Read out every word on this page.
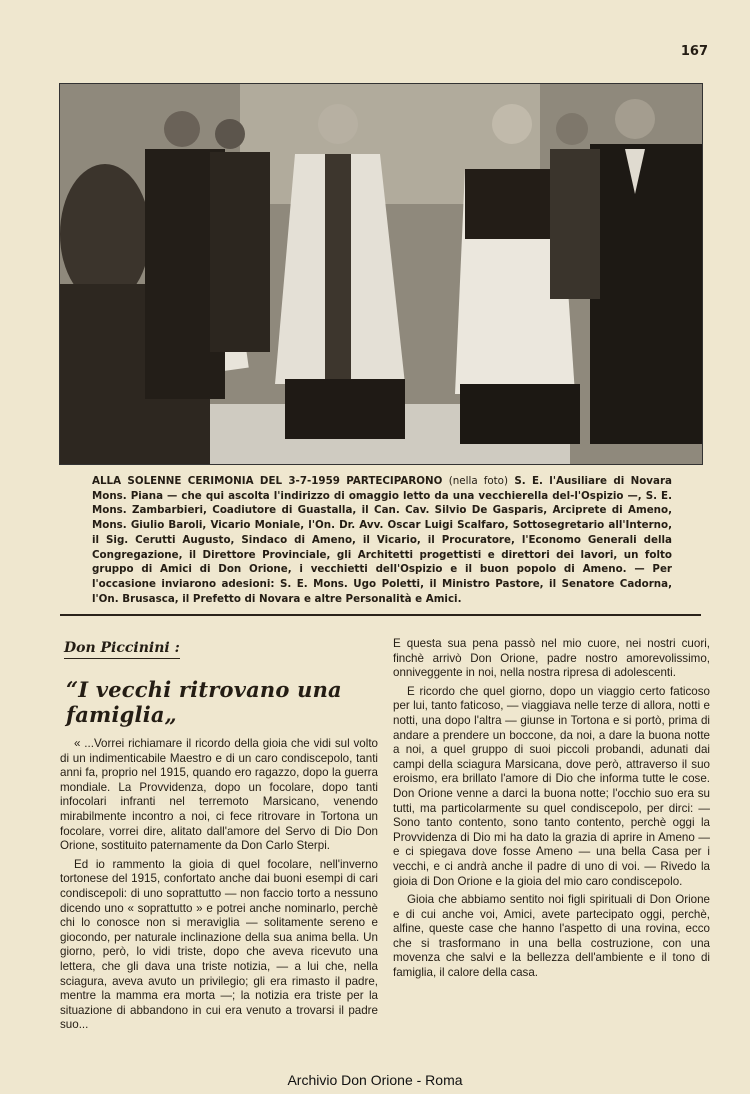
167
ALLA SOLENNE CERIMONIA DEL 3-7-1959 PARTECIPARONO (nella foto) S. E. l'Ausiliare di Novara Mons. Piana — che qui ascolta l'indirizzo di omaggio letto da una vecchierella del-l'Ospizio —, S. E. Mons. Zambarbieri, Coadiutore di Guastalla, il Can. Cav. Silvio De Gasparis, Arciprete di Ameno, Mons. Giulio Baroli, Vicario Moniale, l'On. Dr. Avv. Oscar Luigi Scalfaro, Sottosegretario all'Interno, il Sig. Cerutti Augusto, Sindaco di Ameno, il Vicario, il Procuratore, l'Economo Generali della Congregazione, il Direttore Provinciale, gli Architetti progettisti e direttori dei lavori, un folto gruppo di Amici di Don Orione, i vecchietti dell'Ospizio e il buon popolo di Ameno. — Per l'occasione inviarono adesioni: S. E. Mons. Ugo Poletti, il Ministro Pastore, il Senatore Cadorna, l'On. Brusasca, il Prefetto di Novara e altre Personalità e Amici.
Don Piccinini :
“I vecchi ritrovano una famiglia„

« ...Vorrei richiamare il ricordo della gioia che vidi sul volto di un indimenticabile Maestro e di un caro condiscepolo, tanti anni fa, proprio nel 1915, quando ero ragazzo, dopo la guerra mondiale. La Provvidenza, dopo un focolare, dopo tanti infocolari infranti nel terremoto Marsicano, venendo mirabilmente incontro a noi, ci fece ritrovare in Tortona un focolare, vorrei dire, alitato dall'amore del Servo di Dio Don Orione, sostituito paternamente da Don Carlo Sterpi.

Ed io rammento la gioia di quel focolare, nell'inverno tortonese del 1915, confortato anche dai buoni esempi di cari condiscepoli: di uno soprattutto — non faccio torto a nessuno dicendo uno « soprattutto » e potrei anche nominarlo, perchè chi lo conosce non si meraviglia — solitamente sereno e giocondo, per naturale inclinazione della sua anima bella. Un giorno, però, lo vidi triste, dopo che aveva ricevuto una lettera, che gli dava una triste notizia, — a lui che, nella sciagura, aveva avuto un privilegio; gli era rimasto il padre, mentre la mamma era morta —; la notizia era triste per la situazione di abbandono in cui era venuto a trovarsi il padre suo...

E questa sua pena passò nel mio cuore, nei nostri cuori, finchè arrivò Don Orione, padre nostro amorevolissimo, onniveggente in noi, nella nostra ripresa di adolescenti.

E ricordo che quel giorno, dopo un viaggio certo faticoso per lui, tanto faticoso, — viaggiava nelle terze di allora, notti e notti, una dopo l'altra — giunse in Tortona e si portò, prima di andare a prendere un boccone, da noi, a dare la buona notte a noi, a quel gruppo di suoi piccoli probandi, adunati dai campi della sciagura Marsicana, dove però, attraverso il suo eroismo, era brillato l'amore di Dio che informa tutte le cose. Don Orione venne a darci la buona notte; l'occhio suo era su tutti, ma particolarmente su quel condiscepolo, per dirci: — Sono tanto contento, sono tanto contento, perchè oggi la Provvidenza di Dio mi ha dato la grazia di aprire in Ameno — e ci spiegava dove fosse Ameno — una bella Casa per i vecchi, e ci andrà anche il padre di uno di voi. — Rivedo la gioia di Don Orione e la gioia del mio caro condiscepolo.

Gioia che abbiamo sentito noi figli spirituali di Don Orione e di cui anche voi, Amici, avete partecipato oggi, perchè, alfine, queste case che hanno l'aspetto di una rovina, ecco che si trasformano in una bella costruzione, con una movenza che salvi e la bellezza dell'ambiente e il tono di famiglia, il calore della casa.

Archivio Don Orione - Roma
